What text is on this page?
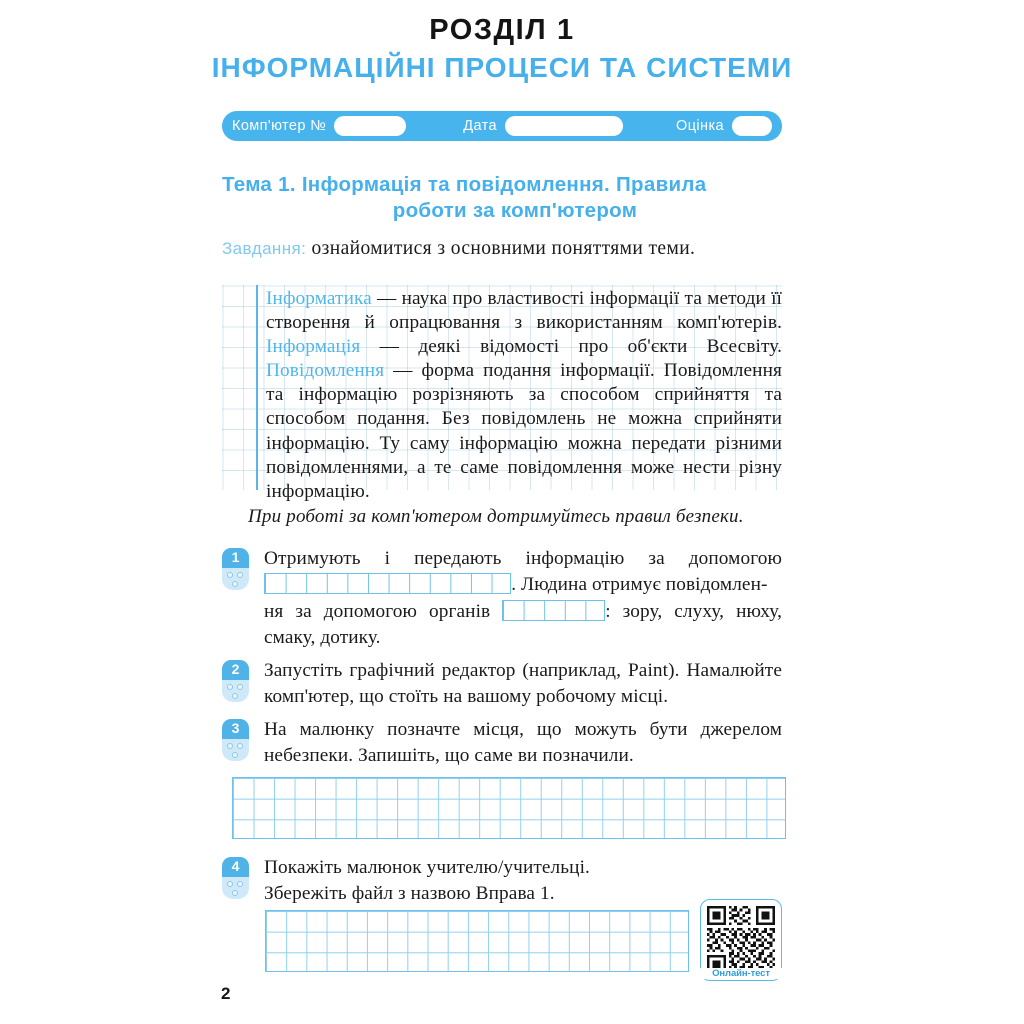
РОЗДІЛ 1
ІНФОРМАЦІЙНІ ПРОЦЕСИ ТА СИСТЕМИ
Комп'ютер №	Дата	Оцінка
Тема 1. Інформація та повідомлення. Правила
роботи за комп'ютером
Завдання: ознайомитися з основними поняттями теми.
Інформатика — наука про властивості інформації та методи її створення й опрацювання з використанням комп'ютерів. Інформація — деякі відомості про об'єкти Всесвіту. Повідомлення — форма подання інформації. Повідомлення та інформацію розрізняють за способом сприйняття та способом подання. Без повідомлень не можна сприйняти інформацію. Ту саму інформацію можна передати різними повідомленнями, а те саме повідомлення може нести різну інформацію.
При роботі за комп'ютером дотримуйтесь правил безпеки.
1	Отримують і передають інформацію за допомогою
. Людина отримує повідомлен-
ня за допомогою органів	: зору, слуху, нюху, смаку, дотику.
2	Запустіть графічний редактор (наприклад, Paint). Намалюйте комп'ютер, що стоїть на вашому робочому місці.
3	На малюнку позначте місця, що можуть бути джерелом небезпеки. Запишіть, що саме ви позначили.
4	Покажіть малюнок учителю/учительці.
Збережіть файл з назвою Вправа 1.
Онлайн-тест
2
